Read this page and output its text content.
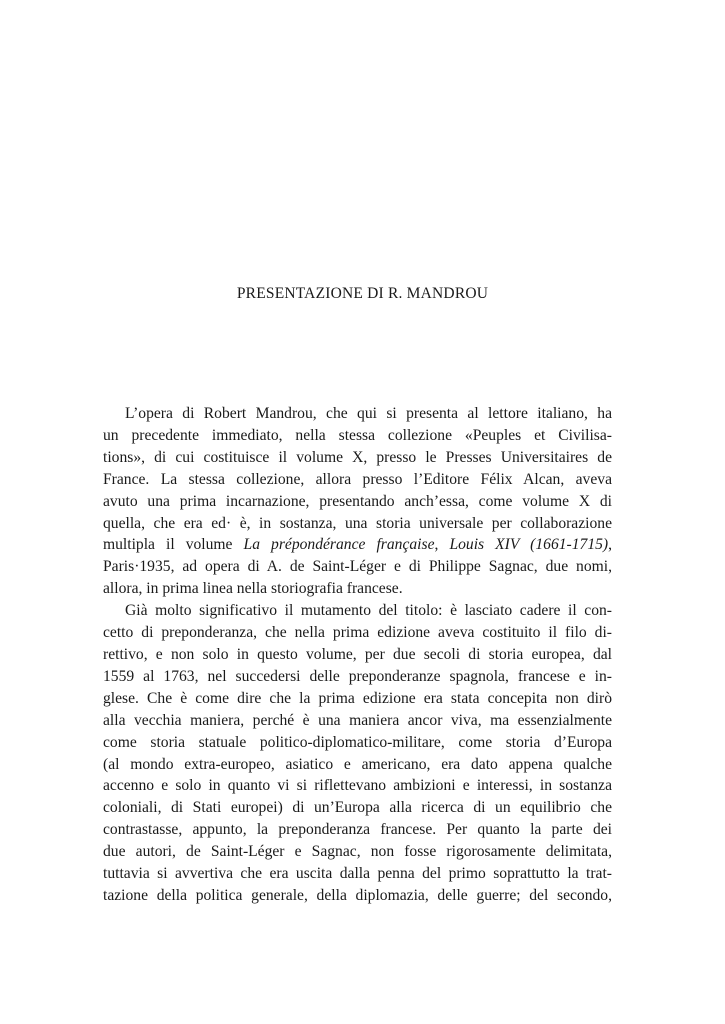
PRESENTAZIONE DI R. MANDROU
L’opera di Robert Mandrou, che qui si presenta al lettore italiano, ha
un precedente immediato, nella stessa collezione «Peuples et Civilisa-
tions», di cui costituisce il volume X, presso le Presses Universitaires de
France. La stessa collezione, allora presso l’Editore Félix Alcan, aveva
avuto una prima incarnazione, presentando anch’essa, come volume X di
quella, che era ed· è, in sostanza, una storia universale per collaborazione
multipla il volume La prépondérance française, Louis XIV (1661-1715),
Paris·1935, ad opera di A. de Saint-Léger e di Philippe Sagnac, due nomi,
allora, in prima linea nella storiografia francese.
Già molto significativo il mutamento del titolo: è lasciato cadere il con-
cetto di preponderanza, che nella prima edizione aveva costituito il filo di-
rettivo, e non solo in questo volume, per due secoli di storia europea, dal
1559 al 1763, nel succedersi delle preponderanze spagnola, francese e in-
glese. Che è come dire che la prima edizione era stata concepita non dirò
alla vecchia maniera, perché è una maniera ancor viva, ma essenzialmente
come storia statuale politico-diplomatico-militare, come storia d’Europa
(al mondo extra-europeo, asiatico e americano, era dato appena qualche
accenno e solo in quanto vi si riflettevano ambizioni e interessi, in sostanza
coloniali, di Stati europei) di un’Europa alla ricerca di un equilibrio che
contrastasse, appunto, la preponderanza francese. Per quanto la parte dei
due autori, de Saint-Léger e Sagnac, non fosse rigorosamente delimitata,
tuttavia si avvertiva che era uscita dalla penna del primo soprattutto la trat-
tazione della politica generale, della diplomazia, delle guerre; del secondo,
